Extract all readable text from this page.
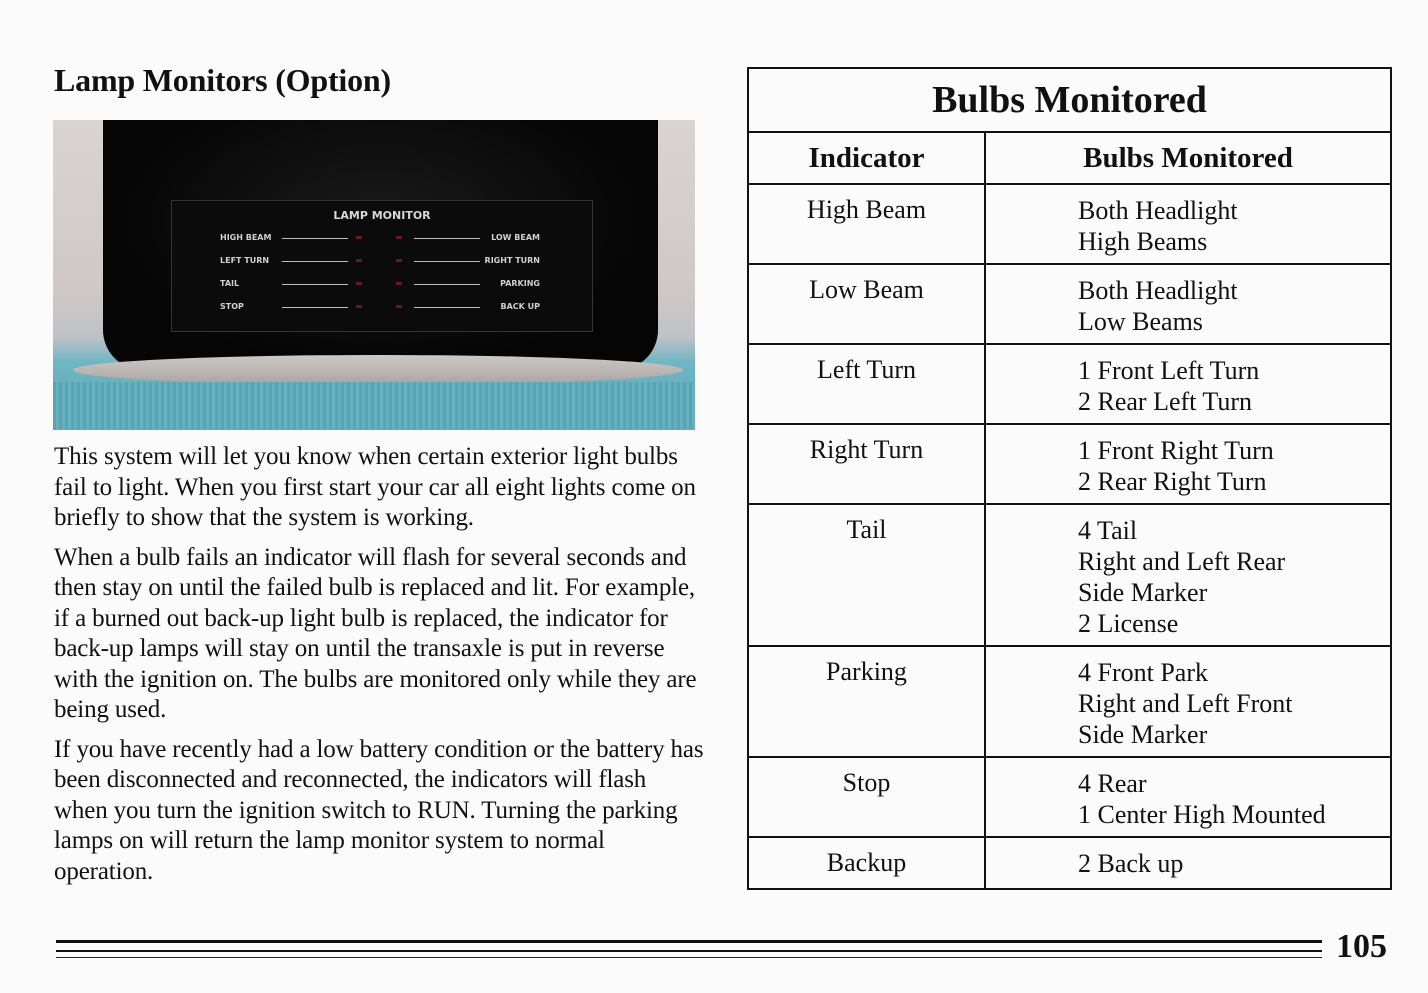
Lamp Monitors (Option)
LAMP MONITOR
HIGH BEAM	LOW BEAM
LEFT TURN	RIGHT TURN
TAIL	PARKING
STOP	BACK UP

This system will let you know when certain exterior light bulbs fail to light. When you first start your car all eight lights come on briefly to show that the system is working.

When a bulb fails an indicator will flash for several seconds and then stay on until the failed bulb is replaced and lit. For example, if a burned out back-up light bulb is replaced, the indicator for back-up lamps will stay on until the transaxle is put in reverse with the ignition on. The bulbs are monitored only while they are being used.

If you have recently had a low battery condition or the battery has been disconnected and reconnected, the indicators will flash when you turn the ignition switch to RUN. Turning the parking lamps on will return the lamp monitor system to normal operation.

Bulbs Monitored	
Indicator	Bulbs Monitored
High Beam	Both Headlight
High Beams

Low Beam	Both Headlight
Low Beams

Left Turn	1 Front Left Turn
2 Rear Left Turn

Right Turn	1 Front Right Turn
2 Rear Right Turn

Tail	4 Tail
Right and Left Rear
Side Marker
2 License

Parking	4 Front Park
Right and Left Front
Side Marker

Stop	4 Rear
1 Center High Mounted

Backup	2 Back up
105
